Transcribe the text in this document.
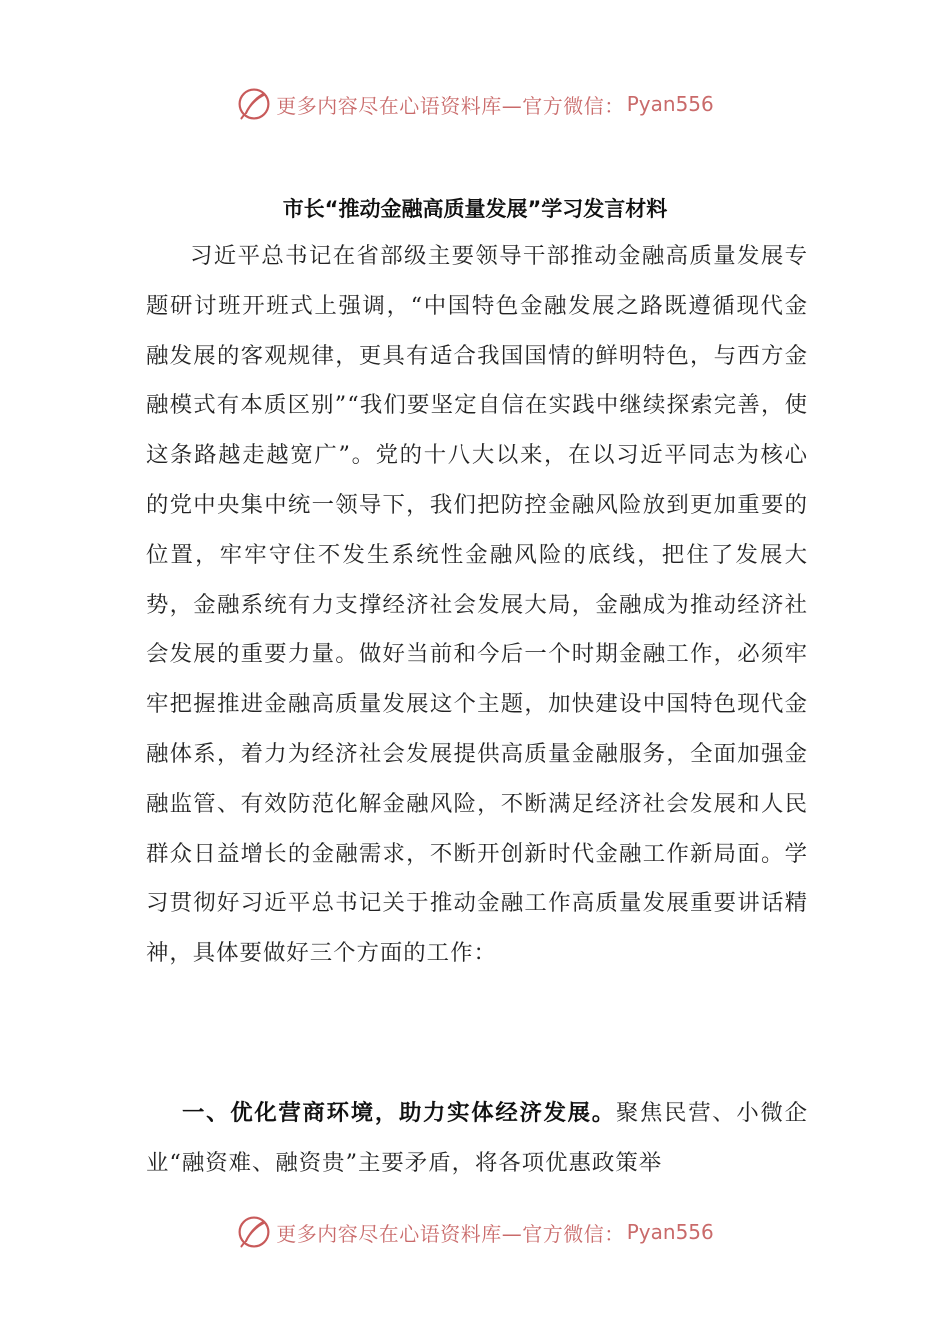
更多内容尽在心语资料库—官方微信： Pyan556
市长“推动金融高质量发展”学习发言材料

习近平总书记在省部级主要领导干部推动金融高质量发展专题研讨班开班式上强调，“中国特色金融发展之路既遵循现代金融发展的客观规律，更具有适合我国国情的鲜明特色，与西方金融模式有本质区别”“我们要坚定自信在实践中继续探索完善，使这条路越走越宽广”。党的十八大以来，在以习近平同志为核心的党中央集中统一领导下，我们把防控金融风险放到更加重要的位置，牢牢守住不发生系统性金融风险的底线，把住了发展大势，金融系统有力支撑经济社会发展大局，金融成为推动经济社会发展的重要力量。做好当前和今后一个时期金融工作，必须牢牢把握推进金融高质量发展这个主题，加快建设中国特色现代金融体系，着力为经济社会发展提供高质量金融服务，全面加强金融监管、有效防范化解金融风险，不断满足经济社会发展和人民群众日益增长的金融需求，不断开创新时代金融工作新局面。学习贯彻好习近平总书记关于推动金融工作高质量发展重要讲话精神，具体要做好三个方面的工作：

一、优化营商环境，助力实体经济发展。聚焦民营、小微企业“融资难、融资贵”主要矛盾，将各项优惠政策举

更多内容尽在心语资料库—官方微信： Pyan556
